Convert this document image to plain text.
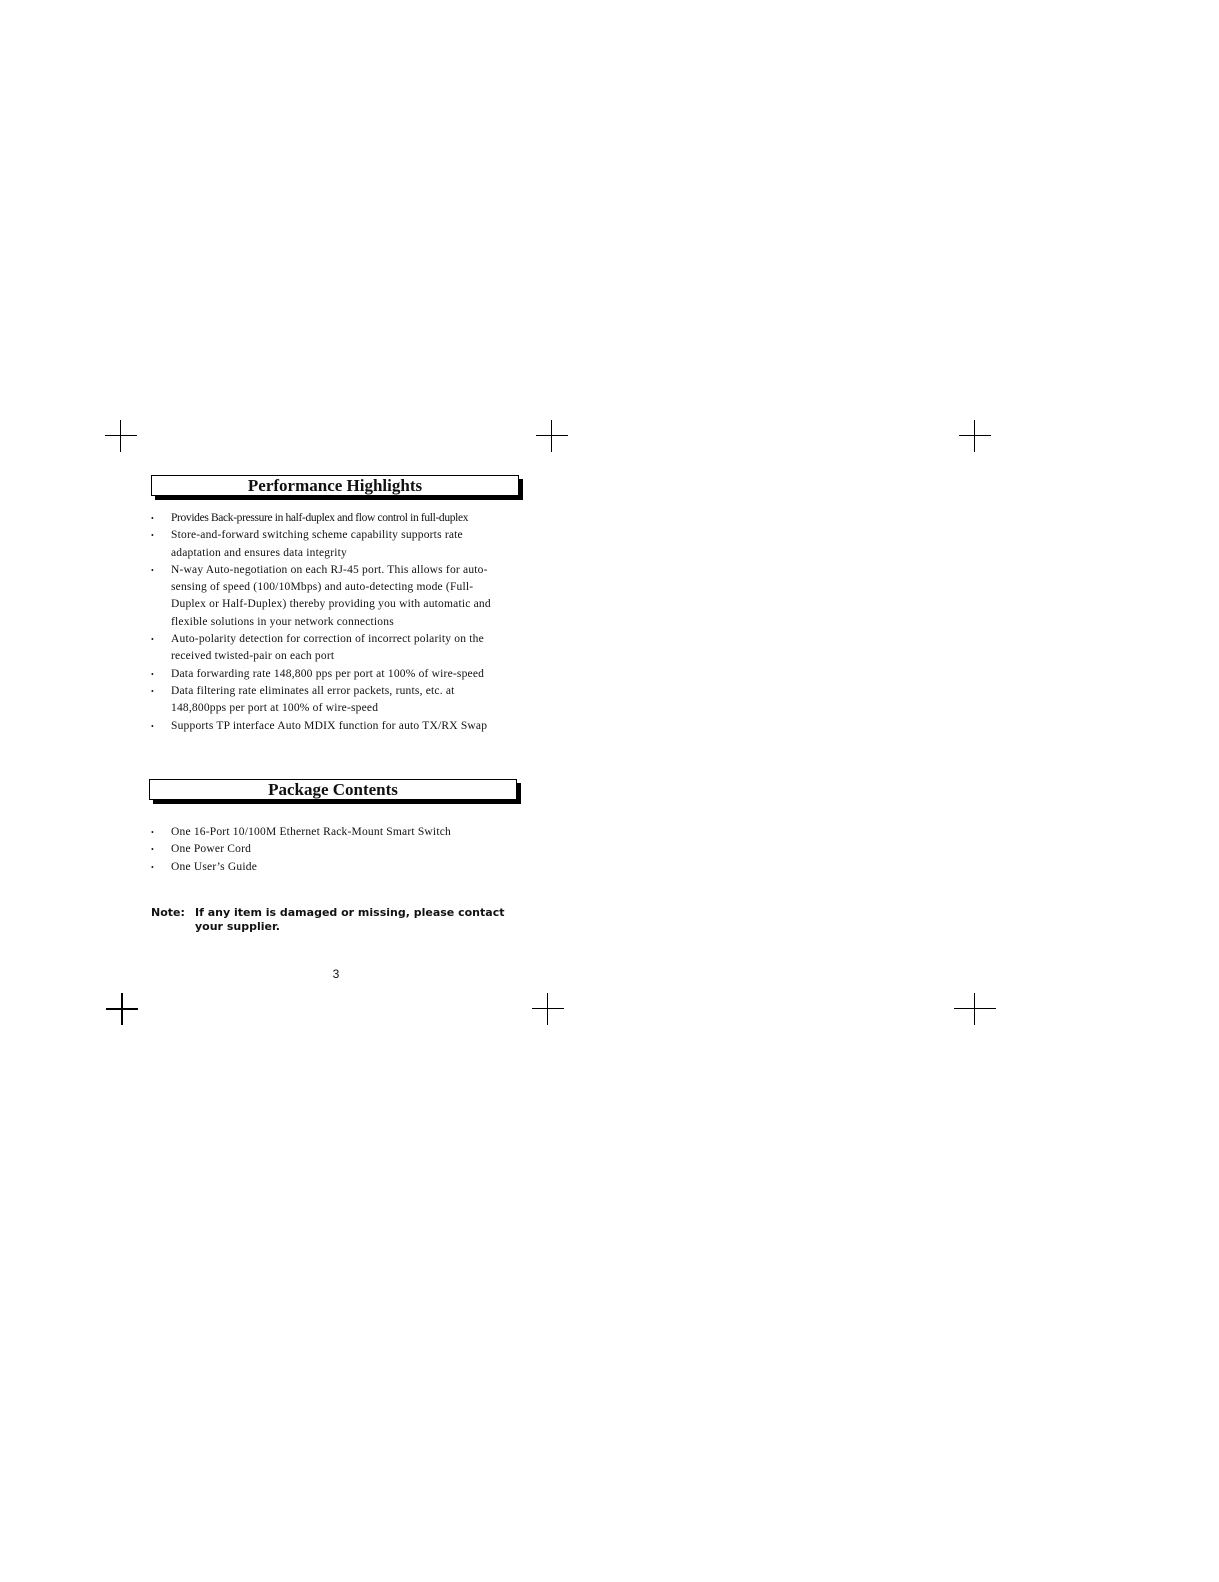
Performance Highlights
• Provides Back-pressure in half-duplex and flow control in full-duplex
• Store-and-forward switching scheme capability supports rate adaptation and ensures data integrity
• N-way Auto-negotiation on each RJ-45 port. This allows for auto-sensing of speed (100/10Mbps) and auto-detecting mode (Full-Duplex or Half-Duplex) thereby providing you with automatic and flexible solutions in your network connections
• Auto-polarity detection for correction of incorrect polarity on the received twisted-pair on each port
• Data forwarding rate 148,800 pps per port at 100% of wire-speed
• Data filtering rate eliminates all error packets, runts, etc. at 148,800pps per port at 100% of wire-speed
• Supports TP interface Auto MDIX function for auto TX/RX Swap
Package Contents
• One 16-Port 10/100M Ethernet Rack-Mount Smart Switch
• One Power Cord
• One User’s Guide
Note: If any item is damaged or missing, please contact your supplier.
3
